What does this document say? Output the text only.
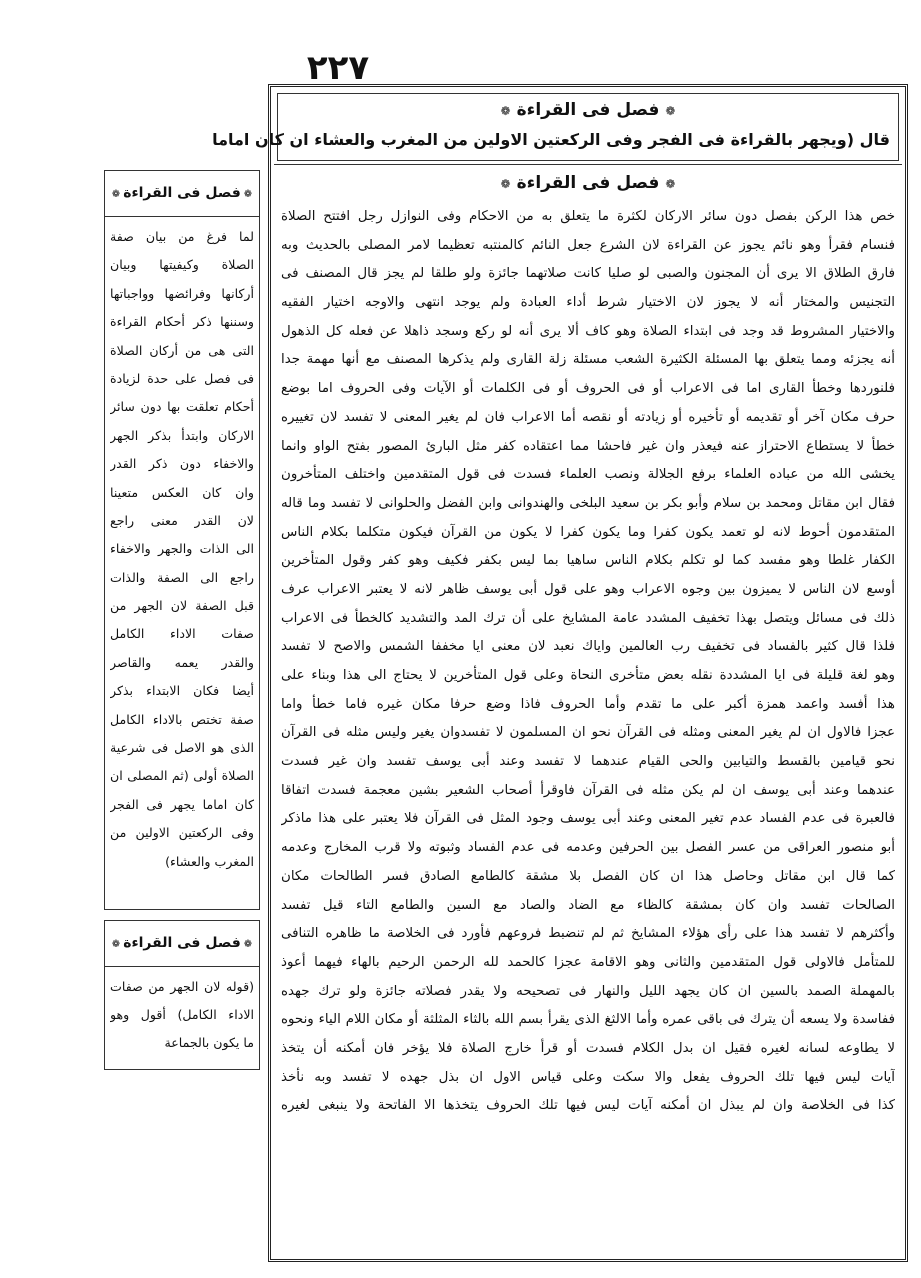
۲۲۷
❁فصل فى القراءة❁
قال (ويجهر بالقراءة فى الفجر وفى الركعتين الاولين من المغرب والعشاء ان كان اماما
❁فصل فى القراءة❁
خص هذا الركن بفصل دون سائر الاركان لكثرة ما يتعلق به من الاحكام وفى النوازل رجل افتتح الصلاة
فنسام فقرأ وهو نائم يجوز عن القراءة لان الشرع جعل النائم كالمنتبه تعظيما لامر المصلى بالحديث وبه
فارق الطلاق الا يرى أن المجنون والصبى لو صليا كانت صلاتهما جائزة ولو طلقا لم يجز قال المصنف فى
التجنيس والمختار أنه لا يجوز لان الاختيار شرط أداء العبادة ولم يوجد انتهى والاوجه اختيار الفقيه
والاختيار المشروط قد وجد فى ابتداء الصلاة وهو كاف ألا يرى أنه لو ركع وسجد ذاهلا عن فعله كل الذهول
أنه يجزئه ومما يتعلق بها المسئلة الكثيرة الشعب مسئلة زلة القارى ولم يذكرها المصنف مع أنها مهمة جدا
فلنوردها وخطأ القارى اما فى الاعراب أو فى الحروف أو فى الكلمات أو الآيات وفى الحروف اما بوضع
حرف مكان آخر أو تقديمه أو تأخيره أو زيادته أو نقصه أما الاعراب فان لم يغير المعنى لا تفسد لان تغييره
خطأ لا يستطاع الاحتراز عنه فيعذر وان غير فاحشا مما اعتقاده كفر مثل البارئ المصور بفتح الواو وانما
يخشى الله من عباده العلماء برفع الجلالة ونصب العلماء فسدت فى قول المتقدمين واختلف المتأخرون
فقال ابن مقاتل ومحمد بن سلام وأبو بكر بن سعيد البلخى والهندوانى وابن الفضل والحلوانى لا تفسد وما قاله
المتقدمون أحوط لانه لو تعمد يكون كفرا وما يكون كفرا لا يكون من القرآن فيكون متكلما بكلام الناس
الكفار غلطا وهو مفسد كما لو تكلم بكلام الناس ساهيا بما ليس بكفر فكيف وهو كفر وقول المتأخرين
أوسع لان الناس لا يميزون بين وجوه الاعراب وهو على قول أبى يوسف ظاهر لانه لا يعتبر الاعراب عرف
ذلك فى مسائل ويتصل بهذا تخفيف المشدد عامة المشايخ على أن ترك المد والتشديد كالخطأ فى الاعراب
فلذا قال كثير بالفساد فى تخفيف رب العالمين واياك نعبد لان معنى ايا مخففا الشمس والاصح لا تفسد
وهو لغة قليلة فى ايا المشددة نقله بعض متأخرى النحاة وعلى قول المتأخرين لا يحتاج الى هذا وبناء على
هذا أفسد واعمد همزة أكبر على ما تقدم وأما الحروف فاذا وضع حرفا مكان غيره فاما خطأ واما
عجزا فالاول ان لم يغير المعنى ومثله فى القرآن نحو ان المسلمون لا تفسدوان يغير وليس مثله فى القرآن
نحو قيامين بالقسط والتيابين والحى القيام عندهما لا تفسد وعند أبى يوسف تفسد وان غير فسدت
عندهما وعند أبى يوسف ان لم يكن مثله فى القرآن فاوقرأ أصحاب الشعير بشين معجمة فسدت اتفاقا
فالعبرة فى عدم الفساد عدم تغير المعنى وعند أبى يوسف وجود المثل فى القرآن فلا يعتبر على هذا ماذكر
أبو منصور العراقى من عسر الفصل بين الحرفين وعدمه فى عدم الفساد وثبوته ولا قرب المخارج وعدمه
كما قال ابن مقاتل وحاصل هذا ان كان الفصل بلا مشقة كالطامع الصادق فسر الطالحات مكان
الصالحات تفسد وان كان بمشقة كالظاء مع الضاد والصاد مع السين والطامع التاء قيل تفسد
وأكثرهم لا تفسد هذا على رأى هؤلاء المشايخ ثم لم تنضبط فروعهم فأورد فى الخلاصة ما ظاهره التنافى
للمتأمل فالاولى قول المتقدمين والثانى وهو الاقامة عجزا كالحمد لله الرحمن الرحيم بالهاء فيهما أعوذ
بالمهملة الصمد بالسين ان كان يجهد الليل والنهار فى تصحيحه ولا يقدر فصلاته جائزة ولو ترك جهده
ففاسدة ولا يسعه أن يترك فى باقى عمره وأما الالثغ الذى يقرأ بسم الله بالثاء المثلثة أو مكان اللام الياء ونحوه
لا يطاوعه لسانه لغيره فقيل ان بدل الكلام فسدت أو قرأ خارج الصلاة فلا يؤخر فان أمكنه أن يتخذ
آيات ليس فيها تلك الحروف يفعل والا سكت وعلى قياس الاول ان بذل جهده لا تفسد وبه نأخذ
كذا فى الخلاصة وان لم يبذل ان أمكنه آيات ليس فيها تلك الحروف يتخذها الا الفاتحة ولا ينبغى لغيره
❁فصل فى القراءة❁
لما فرغ من بيان صفة
الصلاة وكيفيتها وبيان
أركانها وفرائضها وواجباتها
وسننها ذكر أحكام القراءة
التى هى من أركان الصلاة
فى فصل على حدة لزيادة
أحكام تعلقت بها دون سائر
الاركان وابتدأ بذكر الجهر
والاخفاء دون ذكر القدر
وان كان العكس متعينا
لان القدر معنى راجع
الى الذات والجهر والاخفاء
راجع الى الصفة والذات
قبل الصفة لان الجهر من
صفات الاداء الكامل
والقدر يعمه والقاصر
أيضا فكان الابتداء بذكر
صفة تختص بالاداء الكامل
الذى هو الاصل فى شرعية
الصلاة أولى (ثم المصلى ان
كان اماما يجهر فى الفجر
وفى الركعتين الاولين من
المغرب والعشاء)
❁فصل فى القراءة❁
(قوله لان الجهر من صفات
الاداء الكامل) أقول وهو
ما يكون بالجماعة
